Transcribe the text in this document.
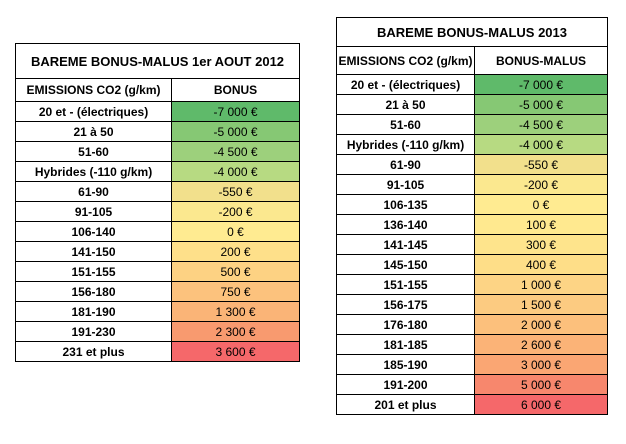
BAREME BONUS-MALUS 1er AOUT 2012	
EMISSIONS CO2 (g/km)	BONUS
20 et - (électriques)	-7 000 €
21 à 50	-5 000 €
51-60	-4 500 €
Hybrides (-110 g/km)	-4 000 €
61-90	-550 €
91-105	-200 €
106-140	0 €
141-150	200 €
151-155	500 €
156-180	750 €
181-190	1 300 €
191-230	2 300 €
231 et plus	3 600 €
BAREME BONUS-MALUS 2013	
EMISSIONS CO2 (g/km)	BONUS-MALUS
20 et - (électriques)	-7 000 €
21 à 50	-5 000 €
51-60	-4 500 €
Hybrides (-110 g/km)	-4 000 €
61-90	-550 €
91-105	-200 €
106-135	0 €
136-140	100 €
141-145	300 €
145-150	400 €
151-155	1 000 €
156-175	1 500 €
176-180	2 000 €
181-185	2 600 €
185-190	3 000 €
191-200	5 000 €
201 et plus	6 000 €
